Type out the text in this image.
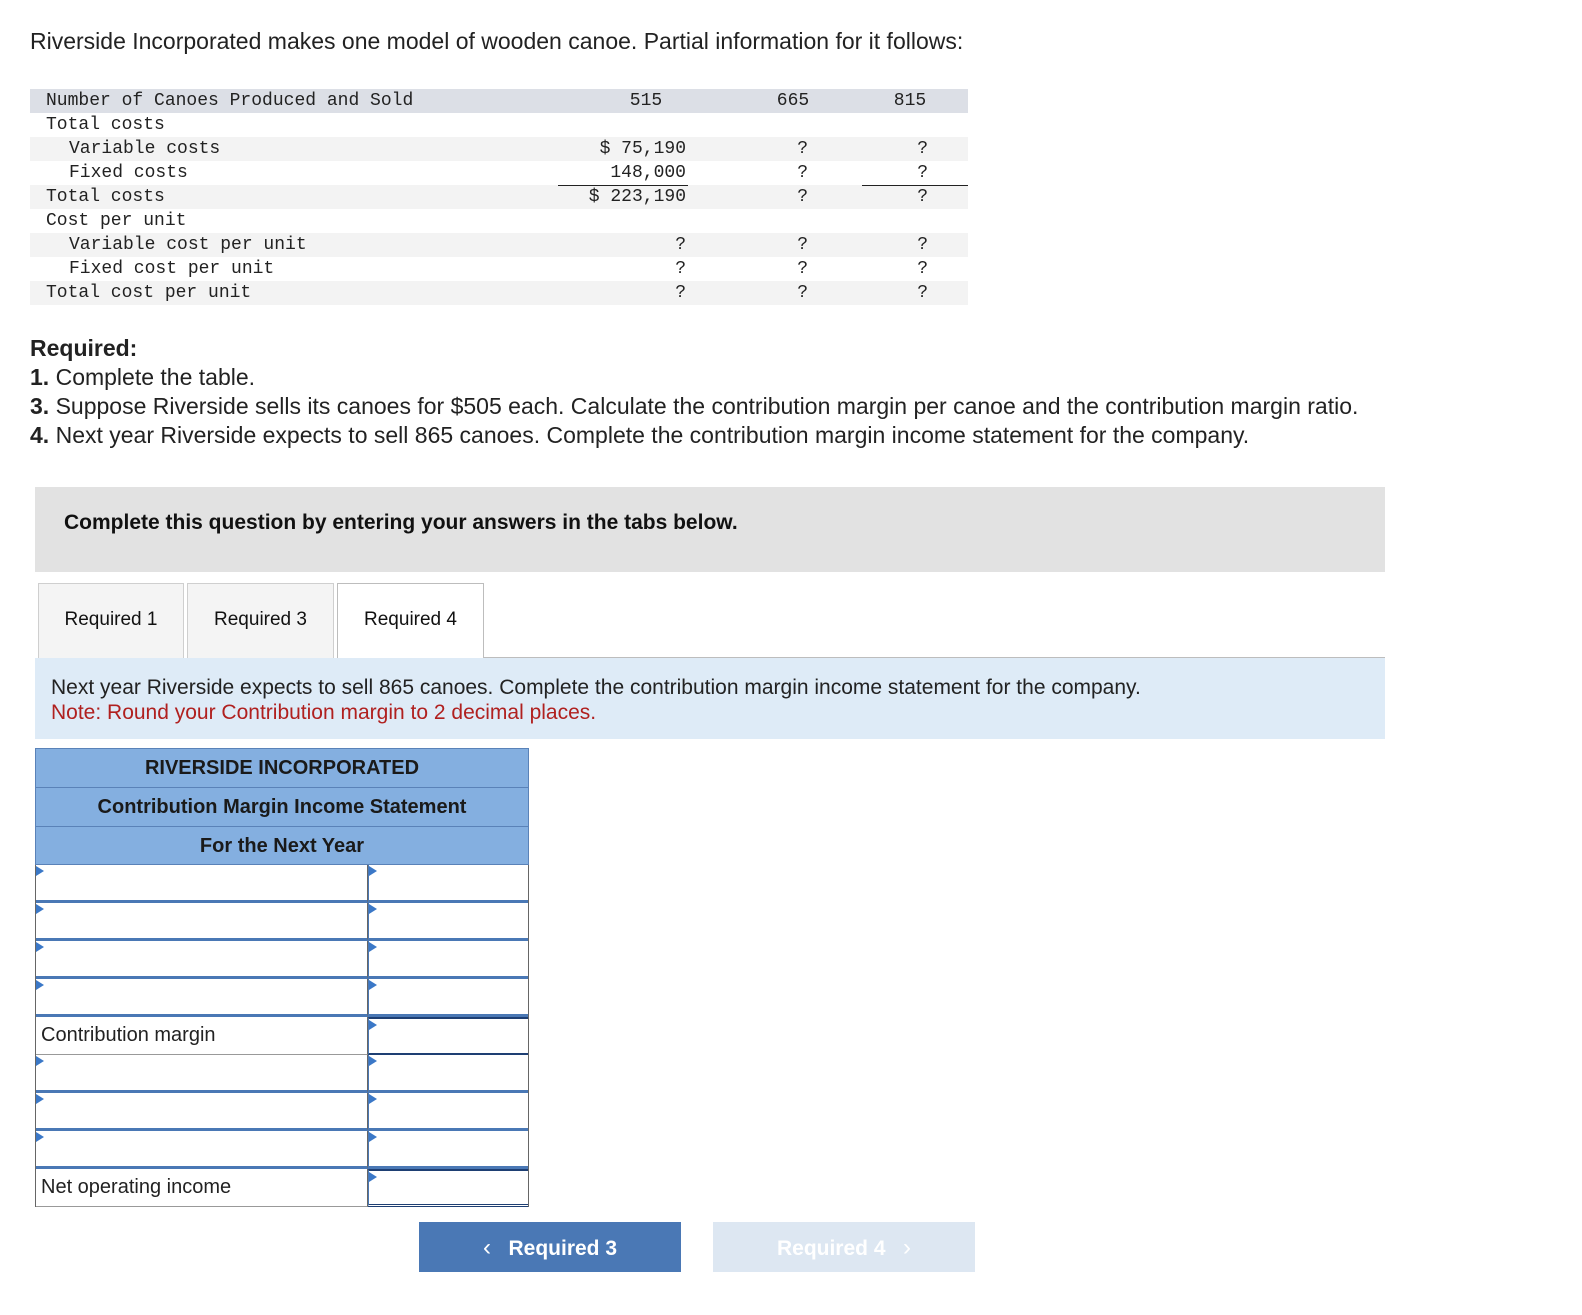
Riverside Incorporated makes one model of wooden canoe. Partial information for it follows:
Number of Canoes Produced and Sold	515	665	815
Total costs
Variable costs	$ 75,190	?	?
Fixed costs	148,000	?	?
Total costs	$ 223,190	?	?
Cost per unit
Variable cost per unit	?	?	?
Fixed cost per unit	?	?	?
Total cost per unit	?	?	?
Required:
1. Complete the table.
3. Suppose Riverside sells its canoes for $505 each. Calculate the contribution margin per canoe and the contribution margin ratio.
4. Next year Riverside expects to sell 865 canoes. Complete the contribution margin income statement for the company.
Complete this question by entering your answers in the tabs below.
Required 1	Required 3	Required 4
Next year Riverside expects to sell 865 canoes. Complete the contribution margin income statement for the company.
Note: Round your Contribution margin to 2 decimal places.
RIVERSIDE INCORPORATED
Contribution Margin Income Statement
For the Next Year
Contribution margin
Net operating income
‹ Required 3	Required 4 ›
